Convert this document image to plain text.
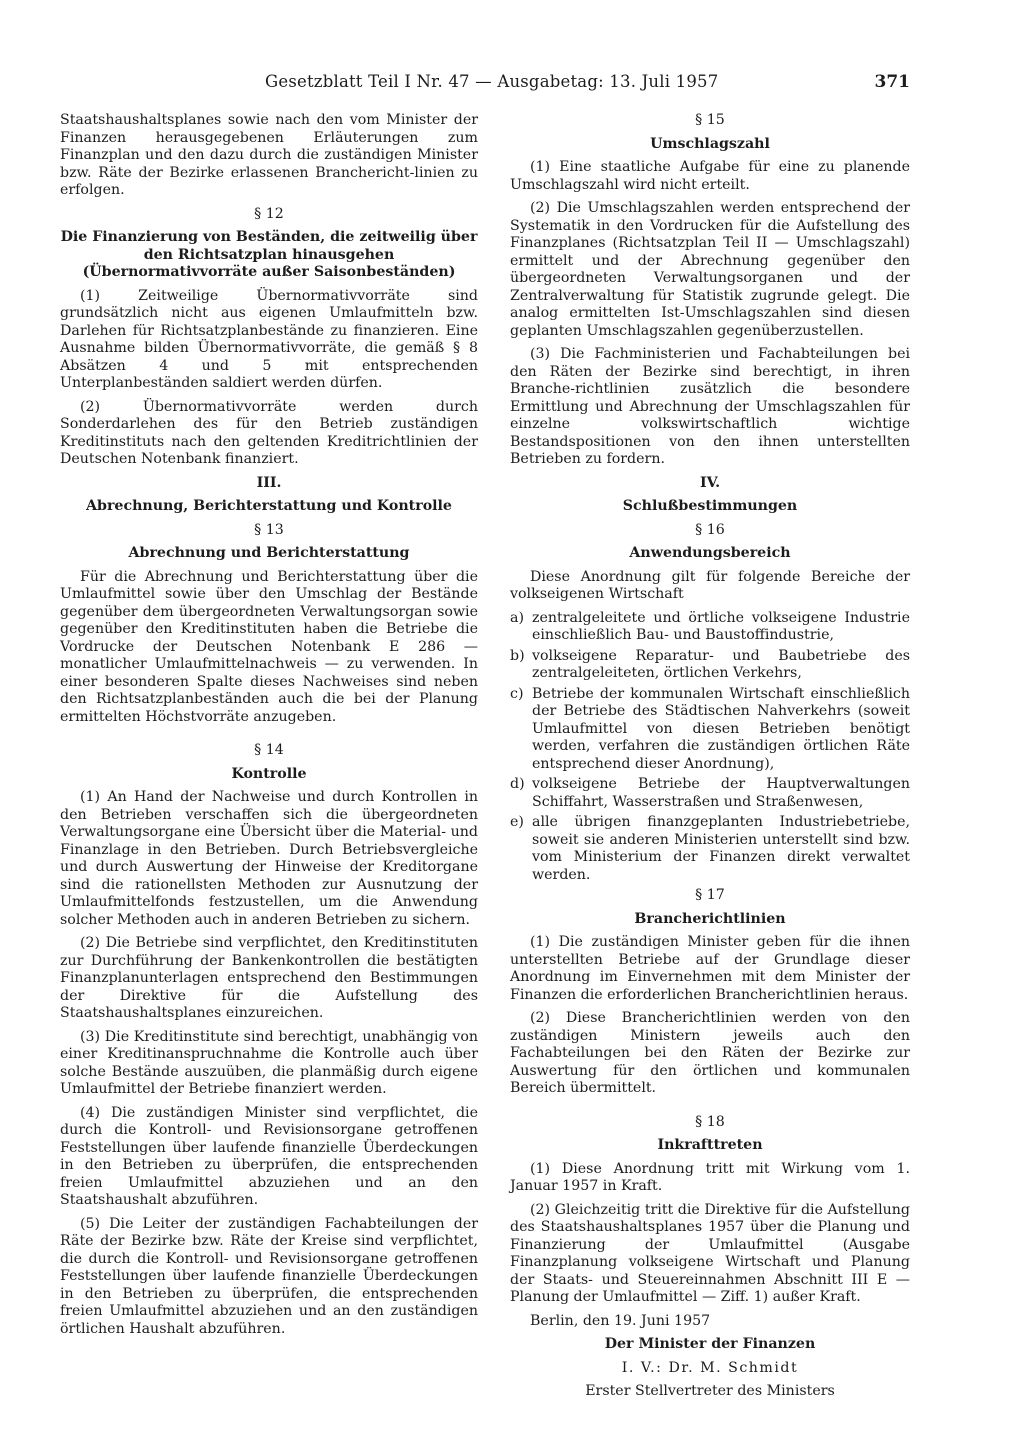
Gesetzblatt Teil I Nr. 47 — Ausgabetag: 13. Juli 1957	371

Staatshaushaltsplanes sowie nach den vom Minister der Finanzen herausgegebenen Erläuterungen zum Finanzplan und den dazu durch die zuständigen Minister bzw. Räte der Bezirke erlassenen Branchericht-linien zu erfolgen.

§ 12

Die Finanzierung von Beständen, die zeitweilig über den Richtsatzplan hinausgehen (Übernormativvorräte außer Saisonbeständen)

(1) Zeitweilige Übernormativvorräte sind grundsätzlich nicht aus eigenen Umlaufmitteln bzw. Darlehen für Richtsatzplanbestände zu finanzieren. Eine Ausnahme bilden Übernormativvorräte, die gemäß § 8 Absätzen 4 und 5 mit entsprechenden Unterplanbeständen saldiert werden dürfen.

(2) Übernormativvorräte werden durch Sonderdarlehen des für den Betrieb zuständigen Kreditinstituts nach den geltenden Kreditrichtlinien der Deutschen Notenbank finanziert.

III.

Abrechnung, Berichterstattung und Kontrolle

§ 13

Abrechnung und Berichterstattung

Für die Abrechnung und Berichterstattung über die Umlaufmittel sowie über den Umschlag der Bestände gegenüber dem übergeordneten Verwaltungsorgan sowie gegenüber den Kreditinstituten haben die Betriebe die Vordrucke der Deutschen Notenbank E 286 — monatlicher Umlaufmittelnachweis — zu verwenden. In einer besonderen Spalte dieses Nachweises sind neben den Richtsatzplanbeständen auch die bei der Planung ermittelten Höchstvorräte anzugeben.

§ 14

Kontrolle

(1) An Hand der Nachweise und durch Kontrollen in den Betrieben verschaffen sich die übergeordneten Verwaltungsorgane eine Übersicht über die Material- und Finanzlage in den Betrieben. Durch Betriebsvergleiche und durch Auswertung der Hinweise der Kreditorgane sind die rationellsten Methoden zur Ausnutzung der Umlaufmittelfonds festzustellen, um die Anwendung solcher Methoden auch in anderen Betrieben zu sichern.

(2) Die Betriebe sind verpflichtet, den Kreditinstituten zur Durchführung der Bankenkontrollen die bestätigten Finanzplanunterlagen entsprechend den Bestimmungen der Direktive für die Aufstellung des Staatshaushaltsplanes einzureichen.

(3) Die Kreditinstitute sind berechtigt, unabhängig von einer Kreditinanspruchnahme die Kontrolle auch über solche Bestände auszuüben, die planmäßig durch eigene Umlaufmittel der Betriebe finanziert werden.

(4) Die zuständigen Minister sind verpflichtet, die durch die Kontroll- und Revisionsorgane getroffenen Feststellungen über laufende finanzielle Überdeckungen in den Betrieben zu überprüfen, die entsprechenden freien Umlaufmittel abzuziehen und an den Staatshaushalt abzuführen.

(5) Die Leiter der zuständigen Fachabteilungen der Räte der Bezirke bzw. Räte der Kreise sind verpflichtet, die durch die Kontroll- und Revisionsorgane getroffenen Feststellungen über laufende finanzielle Überdeckungen in den Betrieben zu überprüfen, die entsprechenden freien Umlaufmittel abzuziehen und an den zuständigen örtlichen Haushalt abzuführen.

§ 15

Umschlagszahl

(1) Eine staatliche Aufgabe für eine zu planende Umschlagszahl wird nicht erteilt.

(2) Die Umschlagszahlen werden entsprechend der Systematik in den Vordrucken für die Aufstellung des Finanzplanes (Richtsatzplan Teil II — Umschlagszahl) ermittelt und der Abrechnung gegenüber den übergeordneten Verwaltungsorganen und der Zentralverwaltung für Statistik zugrunde gelegt. Die analog ermittelten Ist-Umschlagszahlen sind diesen geplanten Umschlagszahlen gegenüberzustellen.

(3) Die Fachministerien und Fachabteilungen bei den Räten der Bezirke sind berechtigt, in ihren Branche-richtlinien zusätzlich die besondere Ermittlung und Abrechnung der Umschlagszahlen für einzelne volkswirtschaftlich wichtige Bestandspositionen von den ihnen unterstellten Betrieben zu fordern.

IV.

Schlußbestimmungen

§ 16

Anwendungsbereich

Diese Anordnung gilt für folgende Bereiche der volkseigenen Wirtschaft

a) zentralgeleitete und örtliche volkseigene Industrie einschließlich Bau- und Baustoffindustrie,
b) volkseigene Reparatur- und Baubetriebe des zentralgeleiteten, örtlichen Verkehrs,
c) Betriebe der kommunalen Wirtschaft einschließlich der Betriebe des Städtischen Nahverkehrs (soweit Umlaufmittel von diesen Betrieben benötigt werden, verfahren die zuständigen örtlichen Räte entsprechend dieser Anordnung),
d) volkseigene Betriebe der Hauptverwaltungen Schiffahrt, Wasserstraßen und Straßenwesen,
e) alle übrigen finanzgeplanten Industriebetriebe, soweit sie anderen Ministerien unterstellt sind bzw. vom Ministerium der Finanzen direkt verwaltet werden.

§ 17

Brancherichtlinien

(1) Die zuständigen Minister geben für die ihnen unterstellten Betriebe auf der Grundlage dieser Anordnung im Einvernehmen mit dem Minister der Finanzen die erforderlichen Brancherichtlinien heraus.

(2) Diese Brancherichtlinien werden von den zuständigen Ministern jeweils auch den Fachabteilungen bei den Räten der Bezirke zur Auswertung für den örtlichen und kommunalen Bereich übermittelt.

§ 18

Inkrafttreten

(1) Diese Anordnung tritt mit Wirkung vom 1. Januar 1957 in Kraft.

(2) Gleichzeitig tritt die Direktive für die Aufstellung des Staatshaushaltsplanes 1957 über die Planung und Finanzierung der Umlaufmittel (Ausgabe Finanzplanung volkseigene Wirtschaft und Planung der Staats- und Steuereinnahmen Abschnitt III E — Planung der Umlaufmittel — Ziff. 1) außer Kraft.

Berlin, den 19. Juni 1957

Der Minister der Finanzen

I. V.: Dr. M. Schmidt

Erster Stellvertreter des Ministers
